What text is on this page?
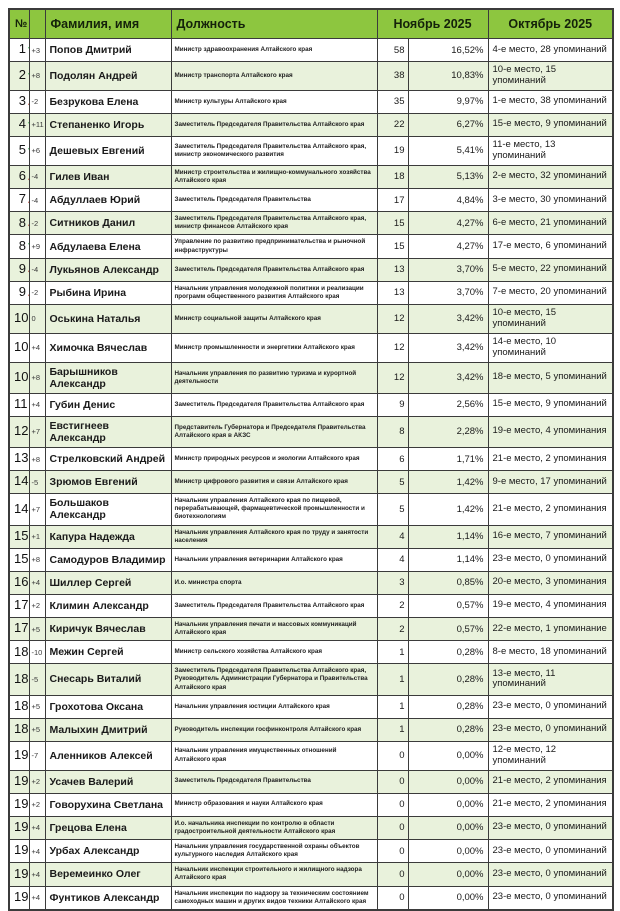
№		Фамилия, имя	Должность	Ноябрь 2025		Октябрь 2025
1	+3	Попов Дмитрий	Министр здравоохранения Алтайского края	58	16,52%	4-е место, 28 упоминаний
2	+8	Подолян Андрей	Министр транспорта Алтайского края	38	10,83%	10-е место, 15 упоминаний
3	-2	Безрукова Елена	Министр культуры Алтайского края	35	9,97%	1-е место, 38 упоминаний
4	+11	Степаненко Игорь	Заместитель Председателя Правительства Алтайского края	22	6,27%	15-е место, 9 упоминаний
5	+6	Дешевых Евгений	Заместитель Председателя Правительства Алтайского края, министр экономического развития	19	5,41%	11-е место, 13 упоминаний
6	-4	Гилев Иван	Министр строительства и жилищно-коммунального хозяйства Алтайского края	18	5,13%	2-е место, 32 упоминаний
7	-4	Абдуллаев Юрий	Заместитель Председателя Правительства	17	4,84%	3-е место, 30 упоминаний
8	-2	Ситников Данил	Заместитель Председателя Правительства Алтайского края, министр финансов Алтайского края	15	4,27%	6-е место, 21 упоминаний
8	+9	Абдулаева Елена	Управление по развитию предпринимательства и рыночной инфраструктуры	15	4,27%	17-е место, 6 упоминаний
9	-4	Лукьянов Александр	Заместитель Председателя Правительства Алтайского края	13	3,70%	5-е место, 22 упоминаний
9	-2	Рыбина Ирина	Начальник управления молодежной политики и реализации программ общественного развития Алтайского края	13	3,70%	7-е место, 20 упоминаний
10	0	Оськина Наталья	Министр социальной защиты Алтайского края	12	3,42%	10-е место, 15 упоминаний
10	+4	Химочка Вячеслав	Министр промышленности и энергетики Алтайского края	12	3,42%	14-е место, 10 упоминаний
10	+8	Барышников Александр	Начальник управления по развитию туризма и курортной деятельности	12	3,42%	18-е место, 5 упоминаний
11	+4	Губин Денис	Заместитель Председателя Правительства Алтайского края	9	2,56%	15-е место, 9 упоминаний
12	+7	Евстигнеев Александр	Представитель Губернатора и Председателя Правительства Алтайского края в АКЗС	8	2,28%	19-е место, 4 упоминания
13	+8	Стрелковский Андрей	Министр природных ресурсов и экологии Алтайского края	6	1,71%	21-е место, 2 упоминания
14	-5	Зрюмов Евгений	Министр цифрового развития и связи Алтайского края	5	1,42%	9-е место, 17 упоминаний
14	+7	Большаков Александр	Начальник управления Алтайского края по пищевой, перерабатывающей, фармацевтической промышленности и биотехнологиям	5	1,42%	21-е место, 2 упоминания
15	+1	Капура Надежда	Начальник управления Алтайского края по труду и занятости населения	4	1,14%	16-е место, 7 упоминаний
15	+8	Самодуров Владимир	Начальник управления ветеринарии Алтайского края	4	1,14%	23-е место, 0 упоминаний
16	+4	Шиллер Сергей	И.о. министра спорта	3	0,85%	20-е место, 3 упоминания
17	+2	Климин Александр	Заместитель Председателя Правительства Алтайского края	2	0,57%	19-е место, 4 упоминания
17	+5	Киричук Вячеслав	Начальник управления печати и массовых коммуникаций Алтайского края	2	0,57%	22-е место, 1 упоминание
18	-10	Межин Сергей	Министр сельского хозяйства Алтайского края	1	0,28%	8-е место, 18 упоминаний
18	-5	Снесарь Виталий	Заместитель Председателя Правительства Алтайского края, Руководитель Администрации Губернатора и Правительства Алтайского края	1	0,28%	13-е место, 11 упоминаний
18	+5	Грохотова Оксана	Начальник управления юстиции Алтайского края	1	0,28%	23-е место, 0 упоминаний
18	+5	Малыхин Дмитрий	Руководитель инспекции госфинконтроля Алтайского края	1	0,28%	23-е место, 0 упоминаний
19	-7	Аленников Алексей	Начальник управления имущественных отношений Алтайского края	0	0,00%	12-е место, 12 упоминаний
19	+2	Усачев Валерий	Заместитель Председателя Правительства	0	0,00%	21-е место, 2 упоминания
19	+2	Говорухина Светлана	Министр образования и науки Алтайского края	0	0,00%	21-е место, 2 упоминания
19	+4	Грецова Елена	И.о. начальника инспекции по контролю в области градостроительной деятельности Алтайского края	0	0,00%	23-е место, 0 упоминаний
19	+4	Урбах Александр	Начальник управления государственной охраны объектов культурного наследия Алтайского края	0	0,00%	23-е место, 0 упоминаний
19	+4	Веремеинко Олег	Начальник инспекции строительного и жилищного надзора Алтайского края	0	0,00%	23-е место, 0 упоминаний
19	+4	Фунтиков Александр	Начальник инспекции по надзору за техническим состоянием самоходных машин и других видов техники Алтайского края	0	0,00%	23-е место, 0 упоминаний
